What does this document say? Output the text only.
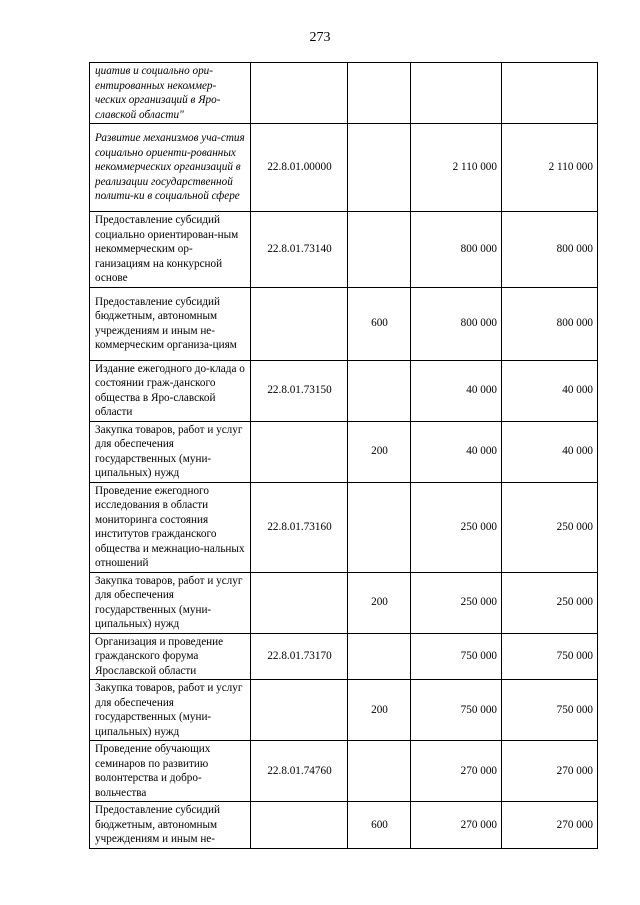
273
циатив и социально ори-ентированных некоммер-ческих организаций в Яро-славской области"				
Развитие механизмов уча-стия социально ориенти-рованных некоммерческих организаций в реализации государственной полити-ки в социальной сфере	22.8.01.00000		2 110 000	2 110 000
Предоставление субсидий социально ориентирован-ным некоммерческим ор-ганизациям на конкурсной основе	22.8.01.73140		800 000	800 000
Предоставление субсидий бюджетным, автономным учреждениям и иным не-коммерческим организа-циям		600	800 000	800 000
Издание ежегодного до-клада о состоянии граж-данского общества в Яро-славской области	22.8.01.73150		40 000	40 000
Закупка товаров, работ и услуг для обеспечения государственных (муни-ципальных) нужд		200	40 000	40 000
Проведение ежегодного исследования в области мониторинга состояния институтов гражданского общества и межнацио-нальных отношений	22.8.01.73160		250 000	250 000
Закупка товаров, работ и услуг для обеспечения государственных (муни-ципальных) нужд		200	250 000	250 000
Организация и проведение гражданского форума Ярославской области	22.8.01.73170		750 000	750 000
Закупка товаров, работ и услуг для обеспечения государственных (муни-ципальных) нужд		200	750 000	750 000
Проведение обучающих семинаров по развитию волонтерства и добро-вольчества	22.8.01.74760		270 000	270 000
Предоставление субсидий бюджетным, автономным учреждениям и иным не-		600	270 000	270 000
